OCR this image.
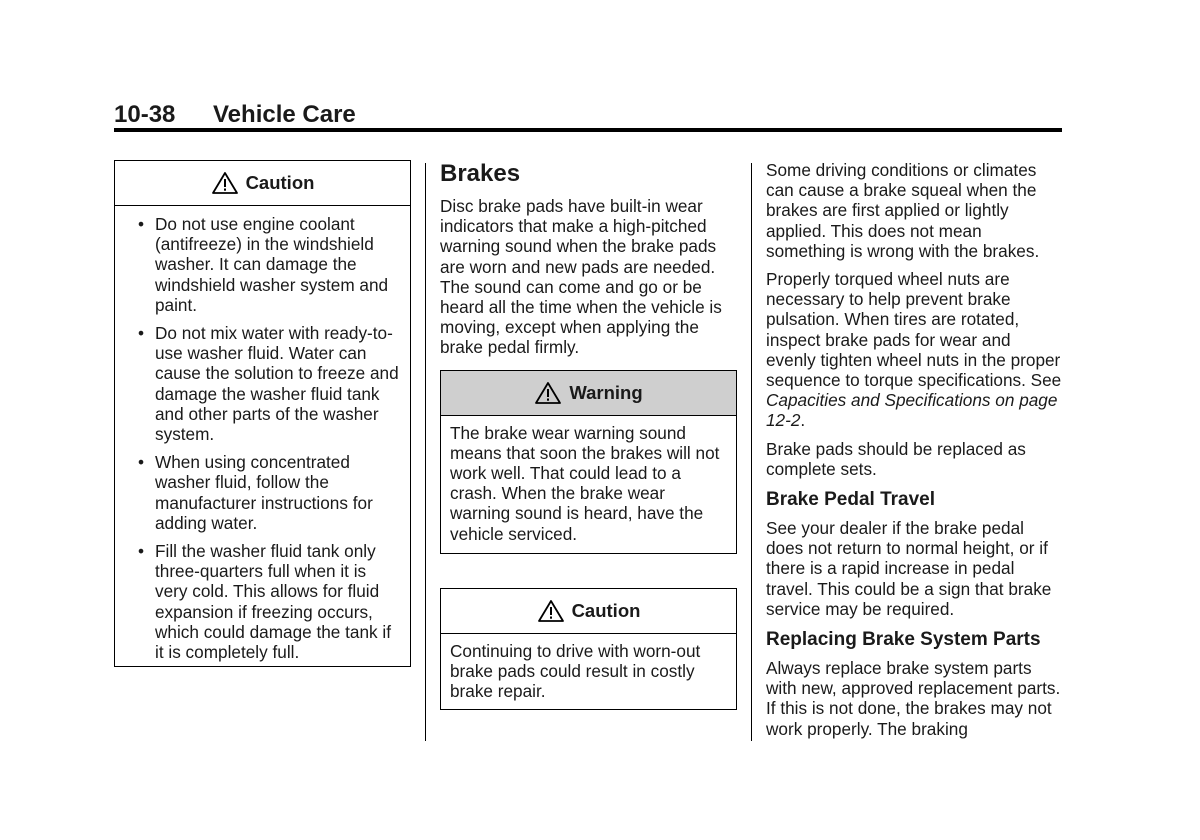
10-38 Vehicle Care
Caution
• Do not use engine coolant (antifreeze) in the windshield washer. It can damage the windshield washer system and paint.
• Do not mix water with ready-to-use washer fluid. Water can cause the solution to freeze and damage the washer fluid tank and other parts of the washer system.
• When using concentrated washer fluid, follow the manufacturer instructions for adding water.
• Fill the washer fluid tank only three-quarters full when it is very cold. This allows for fluid expansion if freezing occurs, which could damage the tank if it is completely full.
Brakes

Disc brake pads have built-in wear indicators that make a high-pitched warning sound when the brake pads are worn and new pads are needed. The sound can come and go or be heard all the time when the vehicle is moving, except when applying the brake pedal firmly.

Warning
The brake wear warning sound means that soon the brakes will not work well. That could lead to a crash. When the brake wear warning sound is heard, have the vehicle serviced.
Caution
Continuing to drive with worn-out brake pads could result in costly brake repair.

Some driving conditions or climates can cause a brake squeal when the brakes are first applied or lightly applied. This does not mean something is wrong with the brakes.

Properly torqued wheel nuts are necessary to help prevent brake pulsation. When tires are rotated, inspect brake pads for wear and evenly tighten wheel nuts in the proper sequence to torque specifications. See Capacities and Specifications on page 12-2.

Brake pads should be replaced as complete sets.

Brake Pedal Travel

See your dealer if the brake pedal does not return to normal height, or if there is a rapid increase in pedal travel. This could be a sign that brake service may be required.

Replacing Brake System Parts

Always replace brake system parts with new, approved replacement parts. If this is not done, the brakes may not work properly. The braking
